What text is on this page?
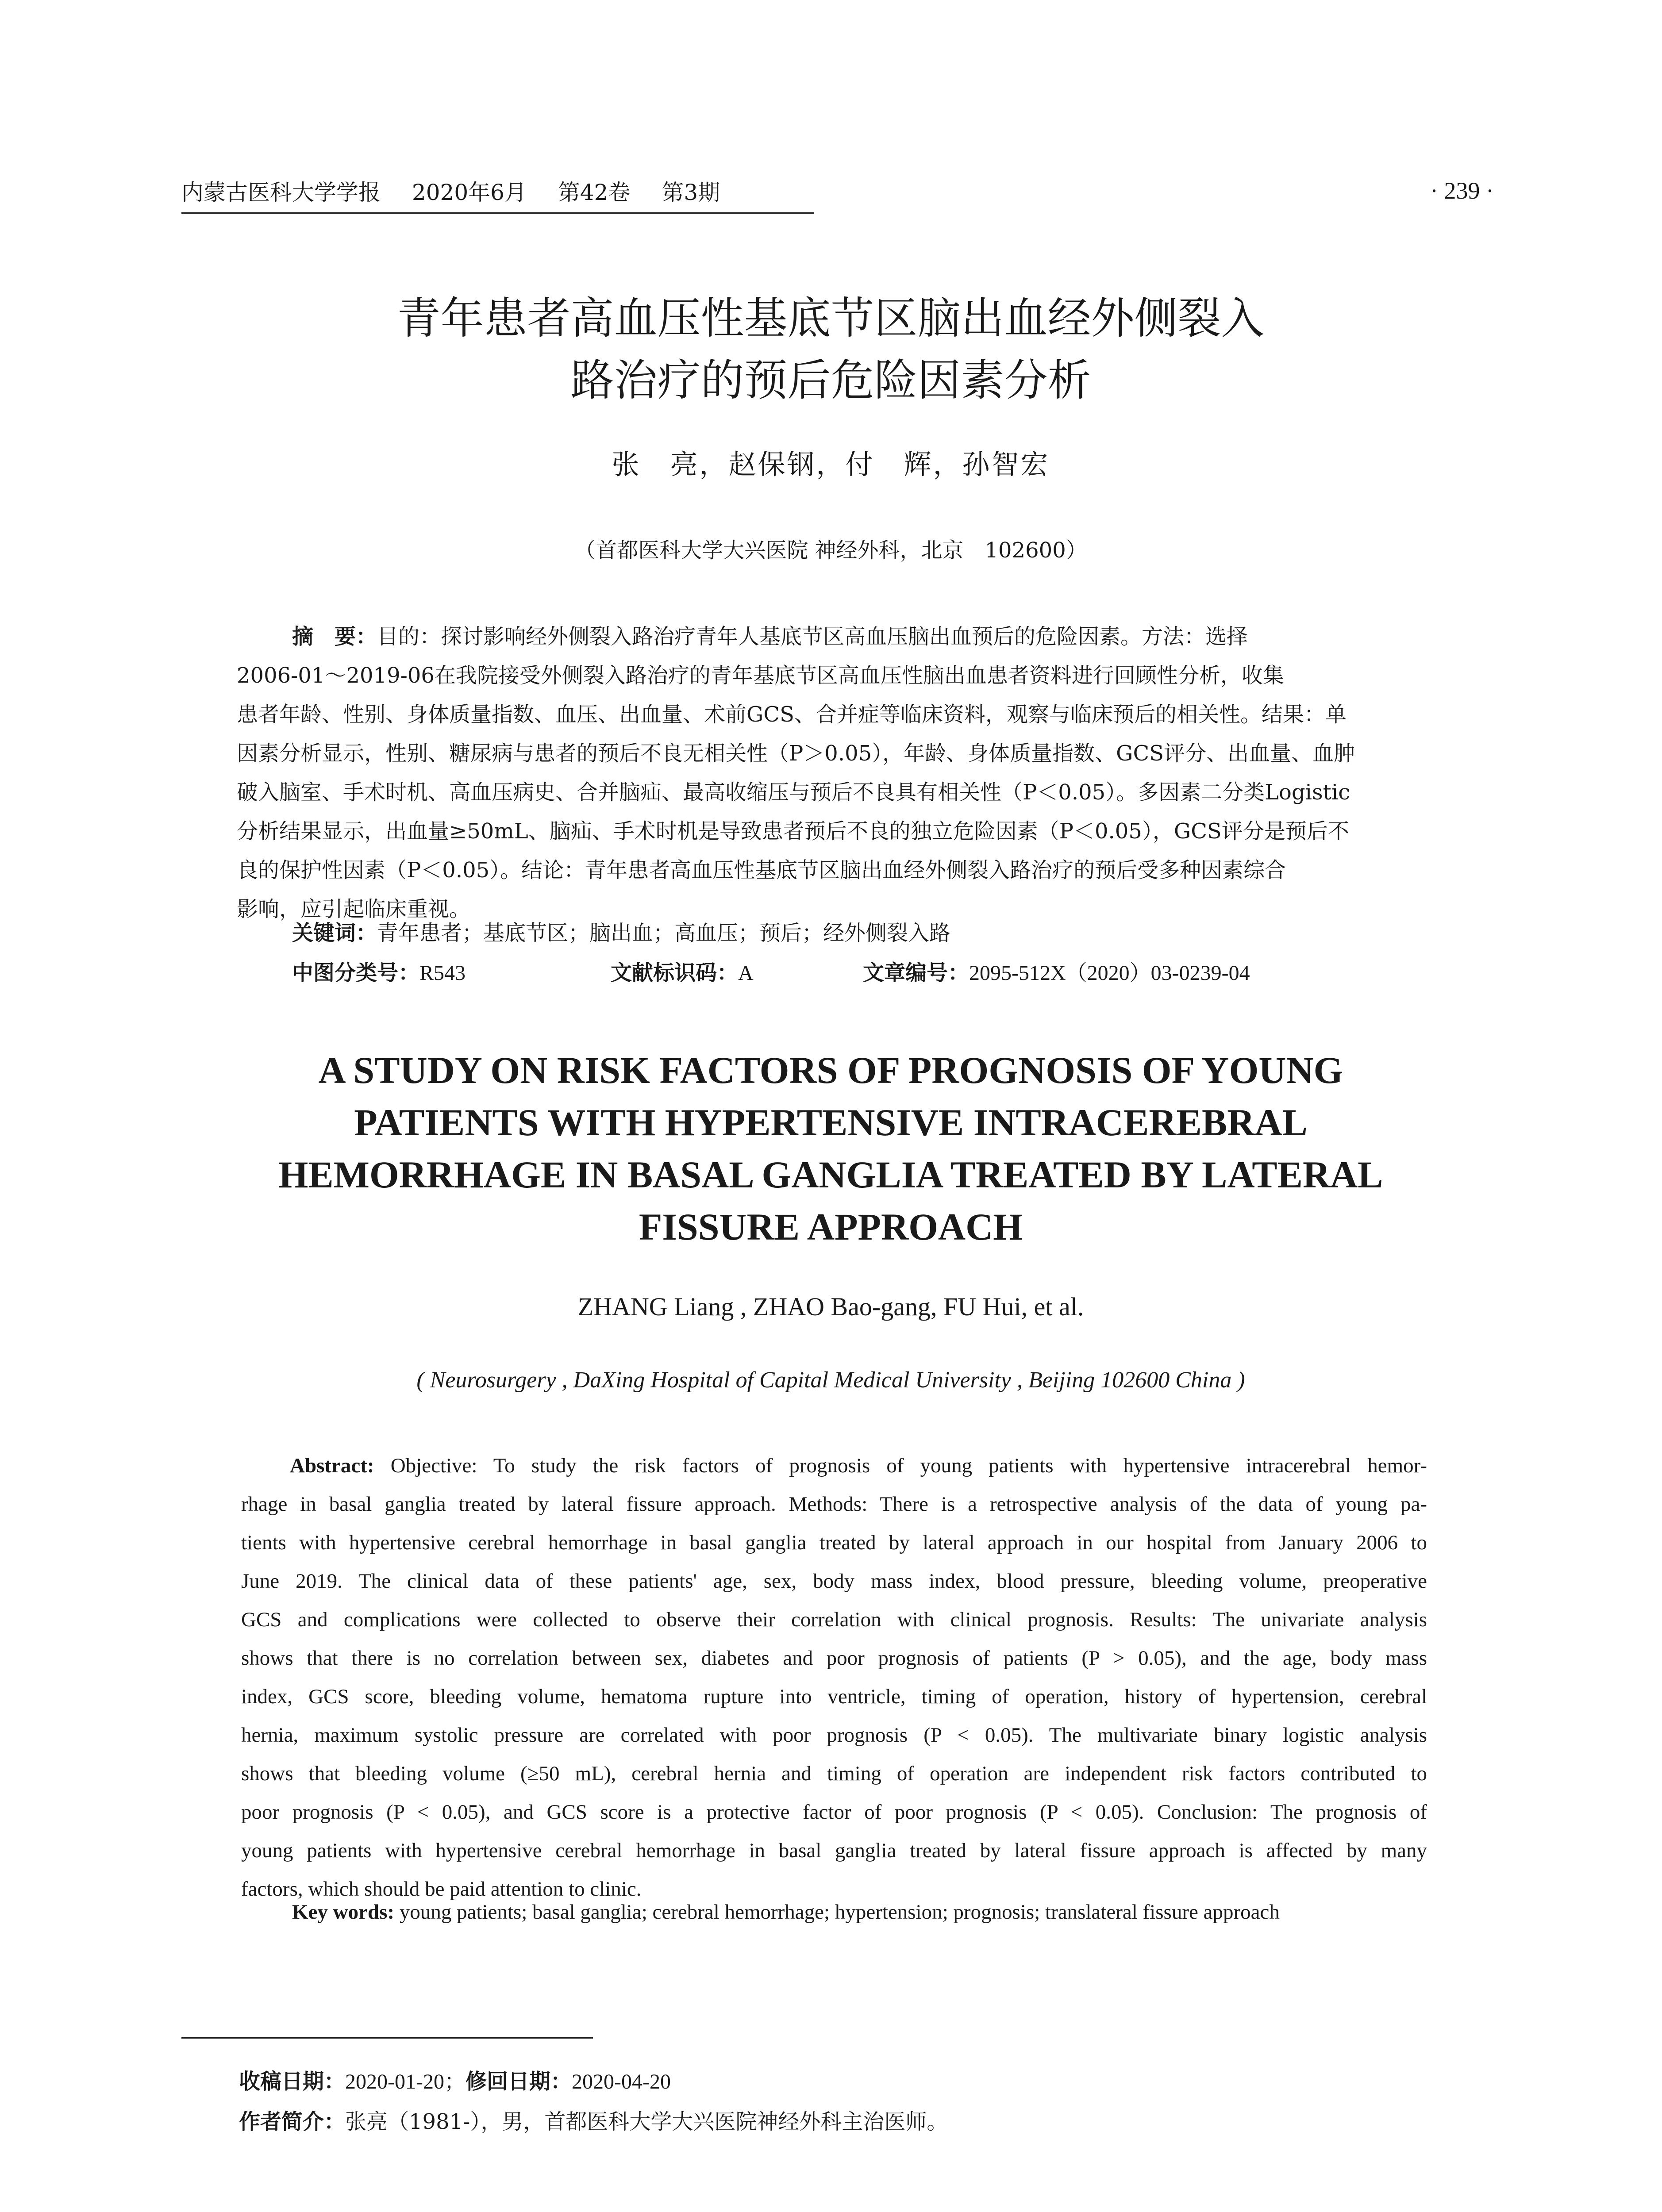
内蒙古医科大学学报 2020年6月 第42卷 第3期	· 239 ·
青年患者高血压性基底节区脑出血经外侧裂入
路治疗的预后危险因素分析
张　亮，赵保钢，付　辉，孙智宏
（首都医科大学大兴医院 神经外科，北京　102600）
摘　要：目的：探讨影响经外侧裂入路治疗青年人基底节区高血压脑出血预后的危险因素。方法：选择
2006-01～2019-06在我院接受外侧裂入路治疗的青年基底节区高血压性脑出血患者资料进行回顾性分析，收集
患者年龄、性别、身体质量指数、血压、出血量、术前GCS、合并症等临床资料，观察与临床预后的相关性。结果：单
因素分析显示，性别、糖尿病与患者的预后不良无相关性（P＞0.05），年龄、身体质量指数、GCS评分、出血量、血肿
破入脑室、手术时机、高血压病史、合并脑疝、最高收缩压与预后不良具有相关性（P＜0.05）。多因素二分类Logistic
分析结果显示，出血量≥50mL、脑疝、手术时机是导致患者预后不良的独立危险因素（P＜0.05），GCS评分是预后不
良的保护性因素（P＜0.05）。结论：青年患者高血压性基底节区脑出血经外侧裂入路治疗的预后受多种因素综合
影响，应引起临床重视。
关键词：青年患者；基底节区；脑出血；高血压；预后；经外侧裂入路
中图分类号：R543	文献标识码：A	文章编号：2095-512X（2020）03-0239-04
A STUDY ON RISK FACTORS OF PROGNOSIS OF YOUNG
PATIENTS WITH HYPERTENSIVE INTRACEREBRAL
HEMORRHAGE IN BASAL GANGLIA TREATED BY LATERAL
FISSURE APPROACH
ZHANG Liang , ZHAO Bao-gang, FU Hui, et al.
( Neurosurgery , DaXing Hospital of Capital Medical University , Beijing 102600 China )
Abstract: Objective: To study the risk factors of prognosis of young patients with hypertensive intracerebral hemor-
rhage in basal ganglia treated by lateral fissure approach. Methods: There is a retrospective analysis of the data of young pa-
tients with hypertensive cerebral hemorrhage in basal ganglia treated by lateral approach in our hospital from January 2006 to
June 2019. The clinical data of these patients' age, sex, body mass index, blood pressure, bleeding volume, preoperative
GCS and complications were collected to observe their correlation with clinical prognosis. Results: The univariate analysis
shows that there is no correlation between sex, diabetes and poor prognosis of patients (P > 0.05), and the age, body mass
index, GCS score, bleeding volume, hematoma rupture into ventricle, timing of operation, history of hypertension, cerebral
hernia, maximum systolic pressure are correlated with poor prognosis (P < 0.05). The multivariate binary logistic analysis
shows that bleeding volume (≥50 mL), cerebral hernia and timing of operation are independent risk factors contributed to
poor prognosis (P < 0.05), and GCS score is a protective factor of poor prognosis (P < 0.05). Conclusion: The prognosis of
young patients with hypertensive cerebral hemorrhage in basal ganglia treated by lateral fissure approach is affected by many
factors, which should be paid attention to clinic.
Key words: young patients; basal ganglia; cerebral hemorrhage; hypertension; prognosis; translateral fissure approach
收稿日期：2020-01-20；修回日期：2020-04-20
作者简介：张亮（1981-），男，首都医科大学大兴医院神经外科主治医师。
